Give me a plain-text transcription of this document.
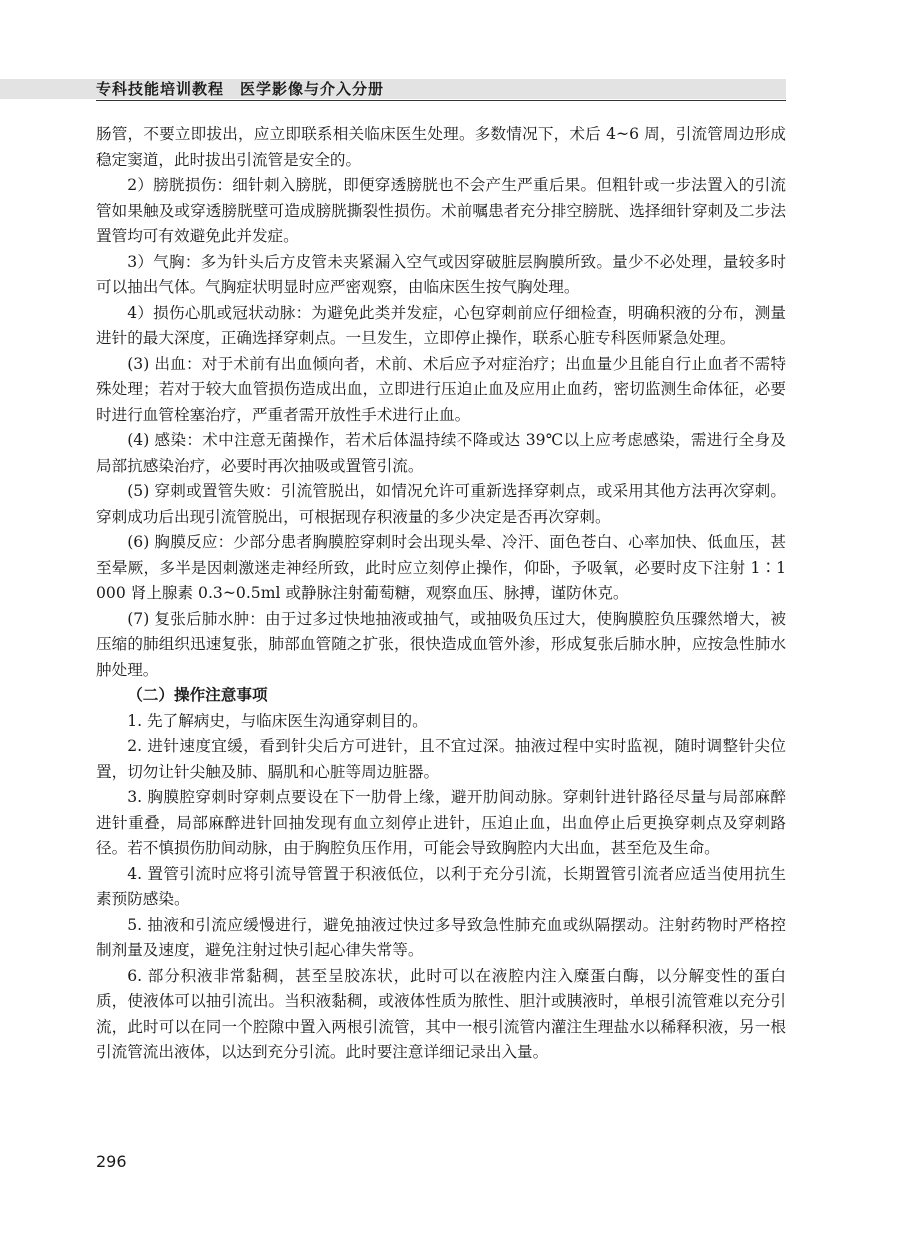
专科技能培训教程 医学影像与介入分册

肠管，不要立即拔出，应立即联系相关临床医生处理。多数情况下，术后 4~6 周，引流管周边形成稳定窦道，此时拔出引流管是安全的。

2）膀胱损伤：细针刺入膀胱，即便穿透膀胱也不会产生严重后果。但粗针或一步法置入的引流管如果触及或穿透膀胱壁可造成膀胱撕裂性损伤。术前嘱患者充分排空膀胱、选择细针穿刺及二步法置管均可有效避免此并发症。

3）气胸：多为针头后方皮管未夹紧漏入空气或因穿破脏层胸膜所致。量少不必处理，量较多时可以抽出气体。气胸症状明显时应严密观察，由临床医生按气胸处理。

4）损伤心肌或冠状动脉：为避免此类并发症，心包穿刺前应仔细检查，明确积液的分布，测量进针的最大深度，正确选择穿刺点。一旦发生，立即停止操作，联系心脏专科医师紧急处理。

(3) 出血：对于术前有出血倾向者，术前、术后应予对症治疗；出血量少且能自行止血者不需特殊处理；若对于较大血管损伤造成出血，立即进行压迫止血及应用止血药，密切监测生命体征，必要时进行血管栓塞治疗，严重者需开放性手术进行止血。

(4) 感染：术中注意无菌操作，若术后体温持续不降或达 39℃以上应考虑感染，需进行全身及局部抗感染治疗，必要时再次抽吸或置管引流。

(5) 穿刺或置管失败：引流管脱出，如情况允许可重新选择穿刺点，或采用其他方法再次穿刺。穿刺成功后出现引流管脱出，可根据现存积液量的多少决定是否再次穿刺。

(6) 胸膜反应：少部分患者胸膜腔穿刺时会出现头晕、冷汗、面色苍白、心率加快、低血压，甚至晕厥，多半是因刺激迷走神经所致，此时应立刻停止操作，仰卧，予吸氧，必要时皮下注射 1∶1 000 肾上腺素 0.3~0.5ml 或静脉注射葡萄糖，观察血压、脉搏，谨防休克。

(7) 复张后肺水肿：由于过多过快地抽液或抽气，或抽吸负压过大，使胸膜腔负压骤然增大，被压缩的肺组织迅速复张，肺部血管随之扩张，很快造成血管外渗，形成复张后肺水肿，应按急性肺水肿处理。

（二）操作注意事项

1. 先了解病史，与临床医生沟通穿刺目的。

2. 进针速度宜缓，看到针尖后方可进针，且不宜过深。抽液过程中实时监视，随时调整针尖位置，切勿让针尖触及肺、膈肌和心脏等周边脏器。

3. 胸膜腔穿刺时穿刺点要设在下一肋骨上缘，避开肋间动脉。穿刺针进针路径尽量与局部麻醉进针重叠，局部麻醉进针回抽发现有血立刻停止进针，压迫止血，出血停止后更换穿刺点及穿刺路径。若不慎损伤肋间动脉，由于胸腔负压作用，可能会导致胸腔内大出血，甚至危及生命。

4. 置管引流时应将引流导管置于积液低位，以利于充分引流，长期置管引流者应适当使用抗生素预防感染。

5. 抽液和引流应缓慢进行，避免抽液过快过多导致急性肺充血或纵隔摆动。注射药物时严格控制剂量及速度，避免注射过快引起心律失常等。

6. 部分积液非常黏稠，甚至呈胶冻状，此时可以在液腔内注入糜蛋白酶，以分解变性的蛋白质，使液体可以抽引流出。当积液黏稠，或液体性质为脓性、胆汁或胰液时，单根引流管难以充分引流，此时可以在同一个腔隙中置入两根引流管，其中一根引流管内灌注生理盐水以稀释积液，另一根引流管流出液体，以达到充分引流。此时要注意详细记录出入量。

296
